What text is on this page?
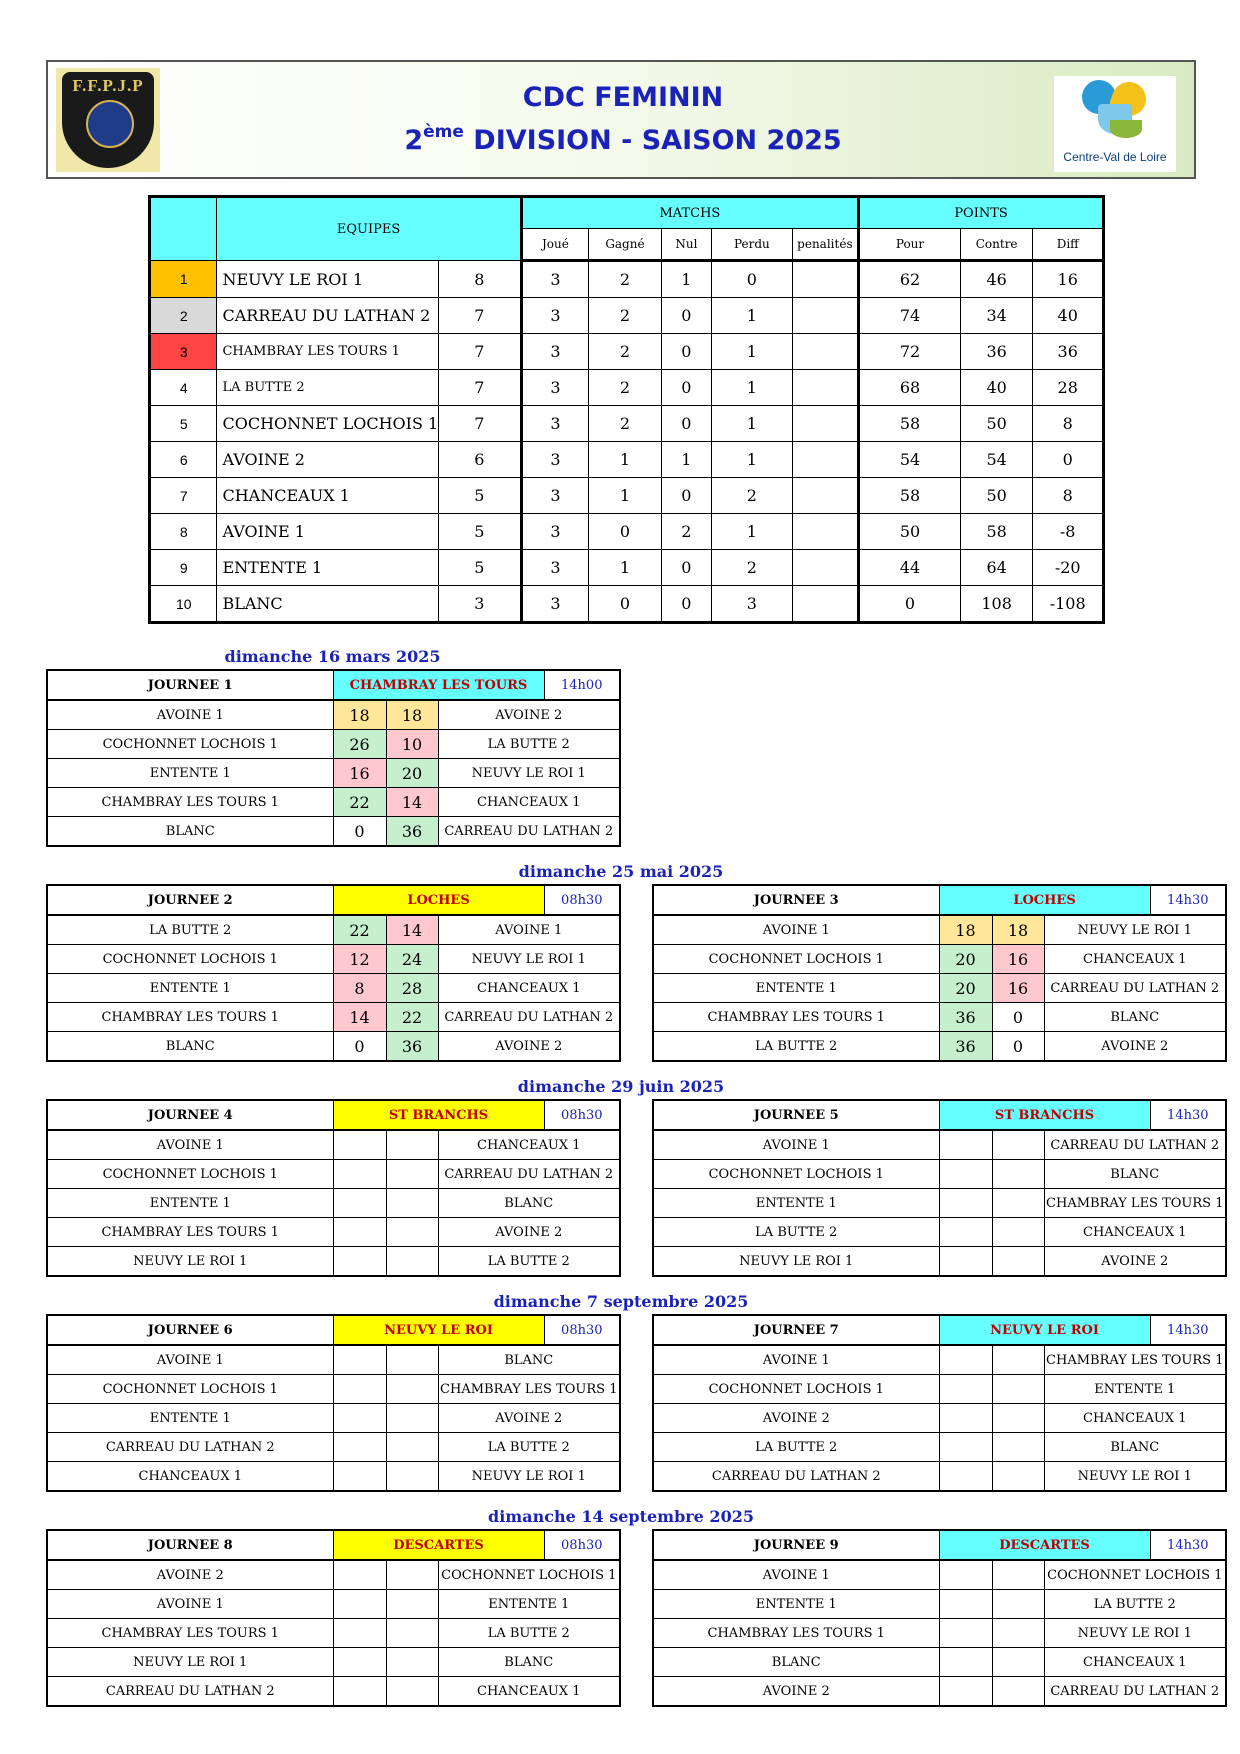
F.F.P.J.P	CDC FEMININ
2ème DIVISION - SAISON 2025
Centre-Val de Loire
	EQUIPES		MATCHS					POINTS		
			Joué	Gagné	Nul	Perdu	penalités	Pour	Contre	Diff
1	NEUVY LE ROI 1	8	3	2	1	0		62	46	16
2	CARREAU DU LATHAN 2	7	3	2	0	1		74	34	40
3	CHAMBRAY LES TOURS 1	7	3	2	0	1		72	36	36
4	LA BUTTE 2	7	3	2	0	1		68	40	28
5	COCHONNET LOCHOIS 1	7	3	2	0	1		58	50	8
6	AVOINE 2	6	3	1	1	1		54	54	0
7	CHANCEAUX 1	5	3	1	0	2		58	50	8
8	AVOINE 1	5	3	0	2	1		50	58	-8
9	ENTENTE 1	5	3	1	0	2		44	64	-20
10	BLANC	3	3	0	0	3		0	108	-108
dimanche 16 mars 2025
dimanche 25 mai 2025
dimanche 29 juin 2025
dimanche 7 septembre 2025
dimanche 14 septembre 2025
JOURNEE 1	CHAMBRAY LES TOURS			14h00
AVOINE 1	18	18	AVOINE 2	
COCHONNET LOCHOIS 1	26	10	LA BUTTE 2	
ENTENTE 1	16	20	NEUVY LE ROI 1	
CHAMBRAY LES TOURS 1	22	14	CHANCEAUX 1	
BLANC	0	36	CARREAU DU LATHAN 2	
JOURNEE 2	LOCHES			08h30
LA BUTTE 2	22	14	AVOINE 1	
COCHONNET LOCHOIS 1	12	24	NEUVY LE ROI 1	
ENTENTE 1	8	28	CHANCEAUX 1	
CHAMBRAY LES TOURS 1	14	22	CARREAU DU LATHAN 2	
BLANC	0	36	AVOINE 2	
JOURNEE 3	LOCHES			14h30
AVOINE 1	18	18	NEUVY LE ROI 1	
COCHONNET LOCHOIS 1	20	16	CHANCEAUX 1	
ENTENTE 1	20	16	CARREAU DU LATHAN 2	
CHAMBRAY LES TOURS 1	36	0	BLANC	
LA BUTTE 2	36	0	AVOINE 2	
JOURNEE 4	ST BRANCHS			08h30
AVOINE 1			CHANCEAUX 1	
COCHONNET LOCHOIS 1			CARREAU DU LATHAN 2	
ENTENTE 1			BLANC	
CHAMBRAY LES TOURS 1			AVOINE 2	
NEUVY LE ROI 1			LA BUTTE 2	
JOURNEE 5	ST BRANCHS			14h30
AVOINE 1			CARREAU DU LATHAN 2	
COCHONNET LOCHOIS 1			BLANC	
ENTENTE 1			CHAMBRAY LES TOURS 1	
LA BUTTE 2			CHANCEAUX 1	
NEUVY LE ROI 1			AVOINE 2	
JOURNEE 6	NEUVY LE ROI			08h30
AVOINE 1			BLANC	
COCHONNET LOCHOIS 1			CHAMBRAY LES TOURS 1	
ENTENTE 1			AVOINE 2	
CARREAU DU LATHAN 2			LA BUTTE 2	
CHANCEAUX 1			NEUVY LE ROI 1	
JOURNEE 7	NEUVY LE ROI			14h30
AVOINE 1			CHAMBRAY LES TOURS 1	
COCHONNET LOCHOIS 1			ENTENTE 1	
AVOINE 2			CHANCEAUX 1	
LA BUTTE 2			BLANC	
CARREAU DU LATHAN 2			NEUVY LE ROI 1	
JOURNEE 8	DESCARTES			08h30
AVOINE 2			COCHONNET LOCHOIS 1	
AVOINE 1			ENTENTE 1	
CHAMBRAY LES TOURS 1			LA BUTTE 2	
NEUVY LE ROI 1			BLANC	
CARREAU DU LATHAN 2			CHANCEAUX 1	
JOURNEE 9	DESCARTES			14h30
AVOINE 1			COCHONNET LOCHOIS 1	
ENTENTE 1			LA BUTTE 2	
CHAMBRAY LES TOURS 1			NEUVY LE ROI 1	
BLANC			CHANCEAUX 1	
AVOINE 2			CARREAU DU LATHAN 2	
